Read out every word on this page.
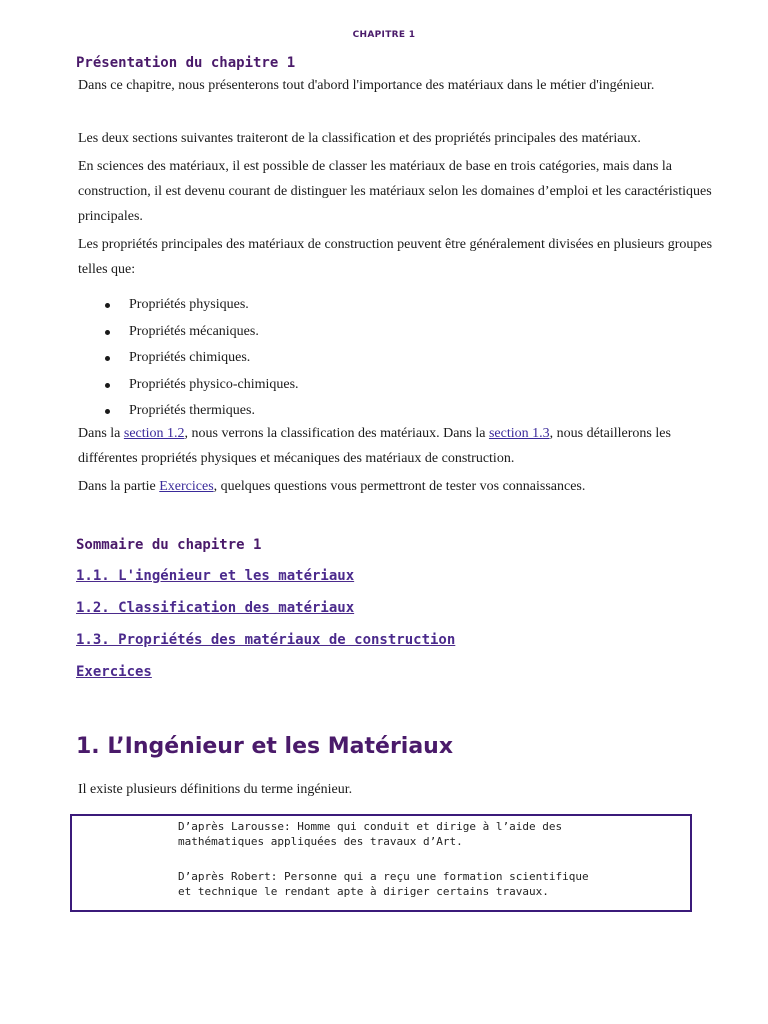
CHAPITRE 1
Présentation du chapitre 1

Dans ce chapitre, nous présenterons tout d'abord l'importance des matériaux dans le métier d'ingénieur.

Les deux sections suivantes traiteront de la classification et des propriétés principales des matériaux.

En sciences des matériaux, il est possible de classer les matériaux de base en trois catégories, mais dans la construction, il est devenu courant de distinguer les matériaux selon les domaines d’emploi et les caractéristiques principales.

Les propriétés principales des matériaux de construction peuvent être généralement divisées en plusieurs groupes telles que:

Propriétés physiques.
Propriétés mécaniques.
Propriétés chimiques.
Propriétés physico-chimiques.
Propriétés thermiques.

Dans la section 1.2, nous verrons la classification des matériaux. Dans la section 1.3, nous détaillerons les différentes propriétés physiques et mécaniques des matériaux de construction.

Dans la partie Exercices, quelques questions vous permettront de tester vos connaissances.

Sommaire du chapitre 1
1.1. L'ingénieur et les matériaux
1.2. Classification des matériaux
1.3. Propriétés des matériaux de construction
Exercices
1. L’Ingénieur et les Matériaux

Il existe plusieurs définitions du terme ingénieur.

D’après Larousse: Homme qui conduit et dirige à l’aide des mathématiques appliquées des travaux d’Art.

D’après Robert: Personne qui a reçu une formation scientifique et technique le rendant apte à diriger certains travaux.
